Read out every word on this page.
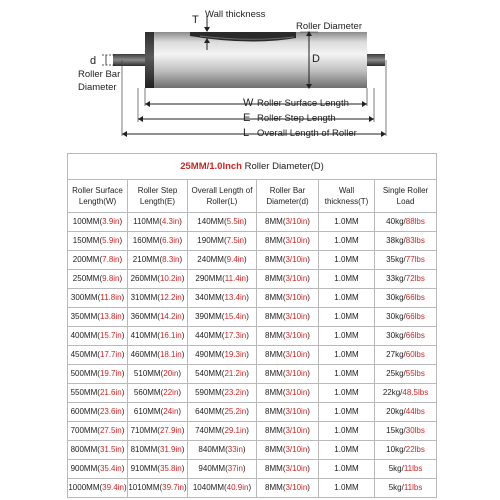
T Wall thickness
Roller Diameter
D
d
Roller Bar
Diameter
W Roller Surface Length
E Roller Step Length
L Overall Length of Roller
25MM/1.0Inch Roller Diameter(D)					
Roller Surface Length(W)	Roller Step Length(E)	Overall Length of Roller(L)	Roller Bar Diameter(d)	Wall thickness(T)	Single Roller Load
100MM(3.9in)	110MM(4.3in)	140MM(5.5in)	8MM(3/10in)	1.0MM	40kg/88lbs
150MM(5.9in)	160MM(6.3in)	190MM(7.5in)	8MM(3/10in)	1.0MM	38kg/83lbs
200MM(7.8in)	210MM(8.3in)	240MM(9.4in)	8MM(3/10in)	1.0MM	35kg/77lbs
250MM(9.8in)	260MM(10.2in)	290MM(11.4in)	8MM(3/10in)	1.0MM	33kg/72lbs
300MM(11.8in)	310MM(12.2in)	340MM(13.4in)	8MM(3/10in)	1.0MM	30kg/66lbs
350MM(13.8in)	360MM(14.2in)	390MM(15.4in)	8MM(3/10in)	1.0MM	30kg/66lbs
400MM(15.7in)	410MM(16.1in)	440MM(17.3in)	8MM(3/10in)	1.0MM	30kg/66lbs
450MM(17.7in)	460MM(18.1in)	490MM(19.3in)	8MM(3/10in)	1.0MM	27kg/60lbs
500MM(19.7in)	510MM(20in)	540MM(21.2in)	8MM(3/10in)	1.0MM	25kg/55lbs
550MM(21.6in)	560MM(22in)	590MM(23.2in)	8MM(3/10in)	1.0MM	22kg/48.5lbs
600MM(23.6in)	610MM(24in)	640MM(25.2in)	8MM(3/10in)	1.0MM	20kg/44lbs
700MM(27.5in)	710MM(27.9in)	740MM(29.1in)	8MM(3/10in)	1.0MM	15kg/30lbs
800MM(31.5in)	810MM(31.9in)	840MM(33in)	8MM(3/10in)	1.0MM	10kg/22lbs
900MM(35.4in)	910MM(35.8in)	940MM(37in)	8MM(3/10in)	1.0MM	5kg/11lbs
1000MM(39.4in)	1010MM(39.7in)	1040MM(40.9in)	8MM(3/10in)	1.0MM	5kg/11lbs
